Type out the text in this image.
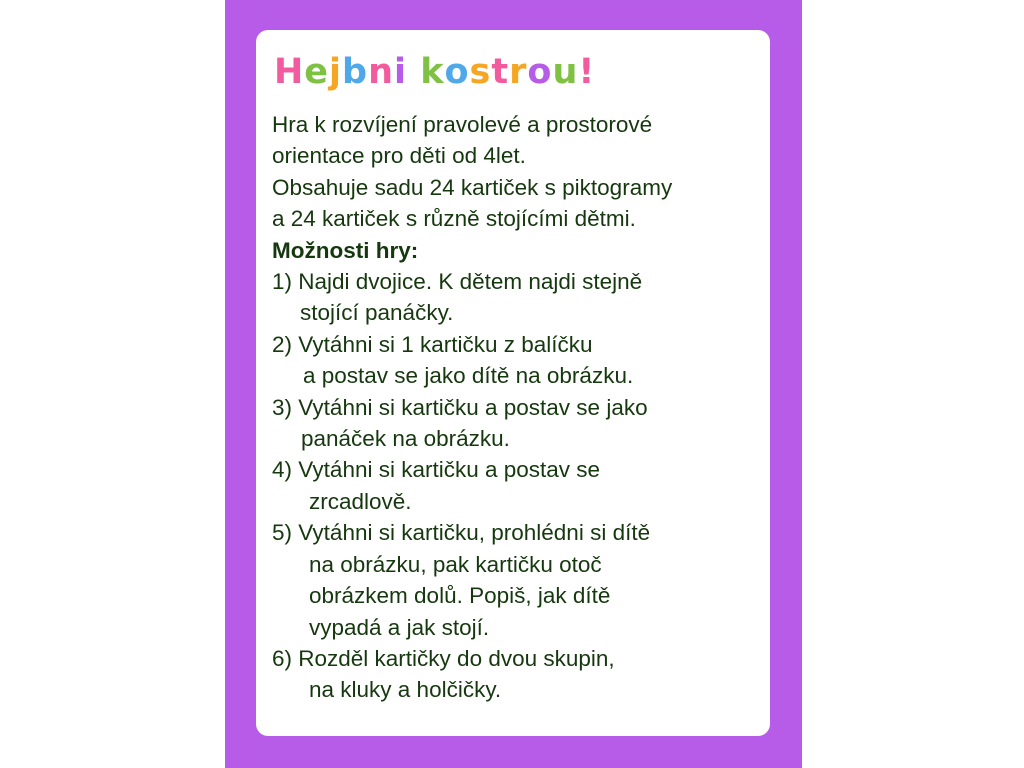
Hejbni kostrou!
Hra k rozvíjení pravolevé a prostorové
orientace pro děti od 4let.
Obsahuje sadu 24 kartiček s piktogramy
a 24 kartiček s různě stojícími dětmi.
Možnosti hry:
1) Najdi dvojice. K dětem najdi stejně
stojící panáčky.
2) Vytáhni si 1 kartičku z balíčku
a postav se jako dítě na obrázku.
3) Vytáhni si kartičku a postav se jako
panáček na obrázku.
4) Vytáhni si kartičku a postav se
zrcadlově.
5) Vytáhni si kartičku, prohlédni si dítě
na obrázku, pak kartičku otoč
obrázkem dolů. Popiš, jak dítě
vypadá a jak stojí.
6) Rozděl kartičky do dvou skupin,
na kluky a holčičky.
